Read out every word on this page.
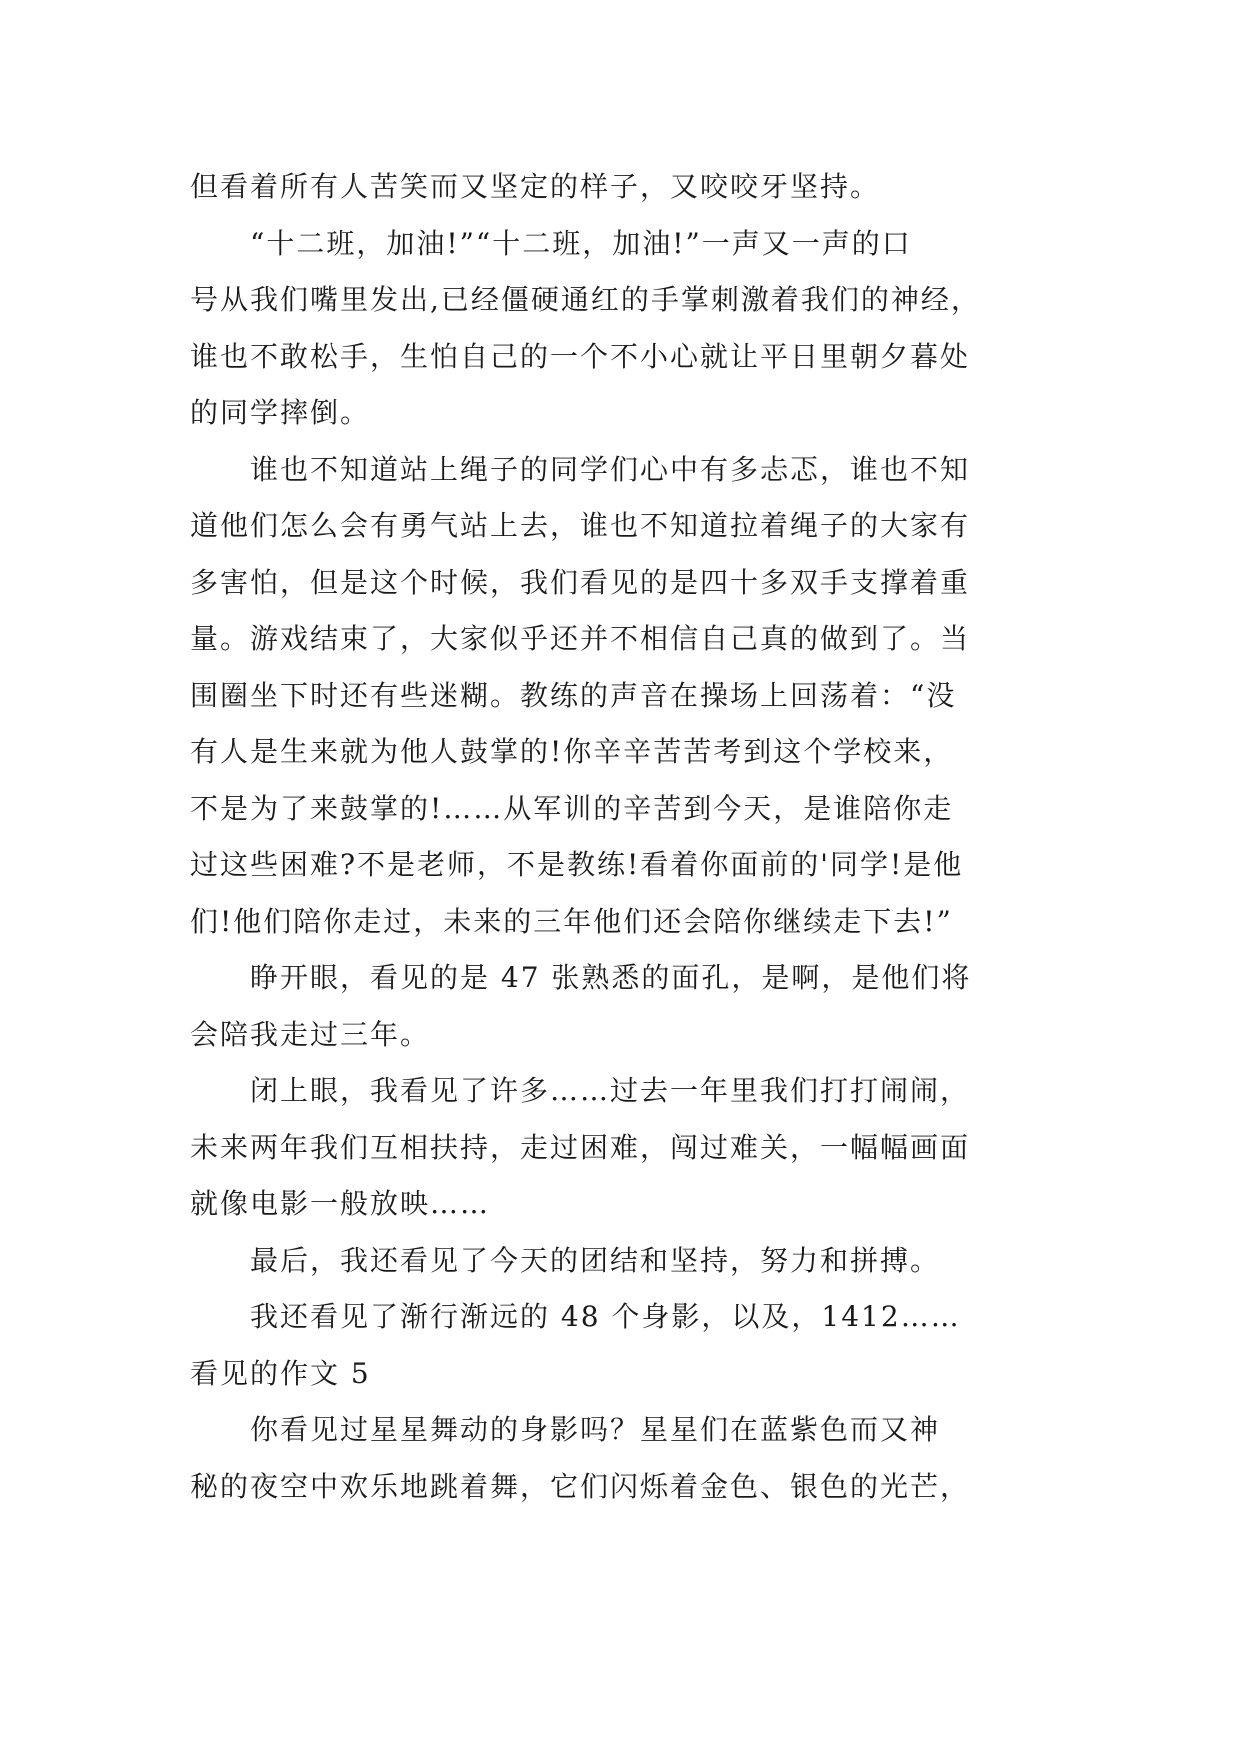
但看着所有人苦笑而又坚定的样子，又咬咬牙坚持。
“十二班，加油!”“十二班，加油!”一声又一声的口
号从我们嘴里发出,已经僵硬通红的手掌刺激着我们的神经，
谁也不敢松手，生怕自己的一个不小心就让平日里朝夕暮处
的同学摔倒。
谁也不知道站上绳子的同学们心中有多忐忑，谁也不知
道他们怎么会有勇气站上去，谁也不知道拉着绳子的大家有
多害怕，但是这个时候，我们看见的是四十多双手支撑着重
量。游戏结束了，大家似乎还并不相信自己真的做到了。当
围圈坐下时还有些迷糊。教练的声音在操场上回荡着：“没
有人是生来就为他人鼓掌的!你辛辛苦苦考到这个学校来，
不是为了来鼓掌的!……从军训的辛苦到今天，是谁陪你走
过这些困难?不是老师，不是教练!看着你面前的'同学!是他
们!他们陪你走过，未来的三年他们还会陪你继续走下去!”
睁开眼，看见的是 47 张熟悉的面孔，是啊，是他们将
会陪我走过三年。
闭上眼，我看见了许多……过去一年里我们打打闹闹，
未来两年我们互相扶持，走过困难，闯过难关，一幅幅画面
就像电影一般放映……
最后，我还看见了今天的团结和坚持，努力和拼搏。
我还看见了渐行渐远的 48 个身影，以及，1412……
看见的作文 5
你看见过星星舞动的身影吗？星星们在蓝紫色而又神
秘的夜空中欢乐地跳着舞，它们闪烁着金色、银色的光芒，
